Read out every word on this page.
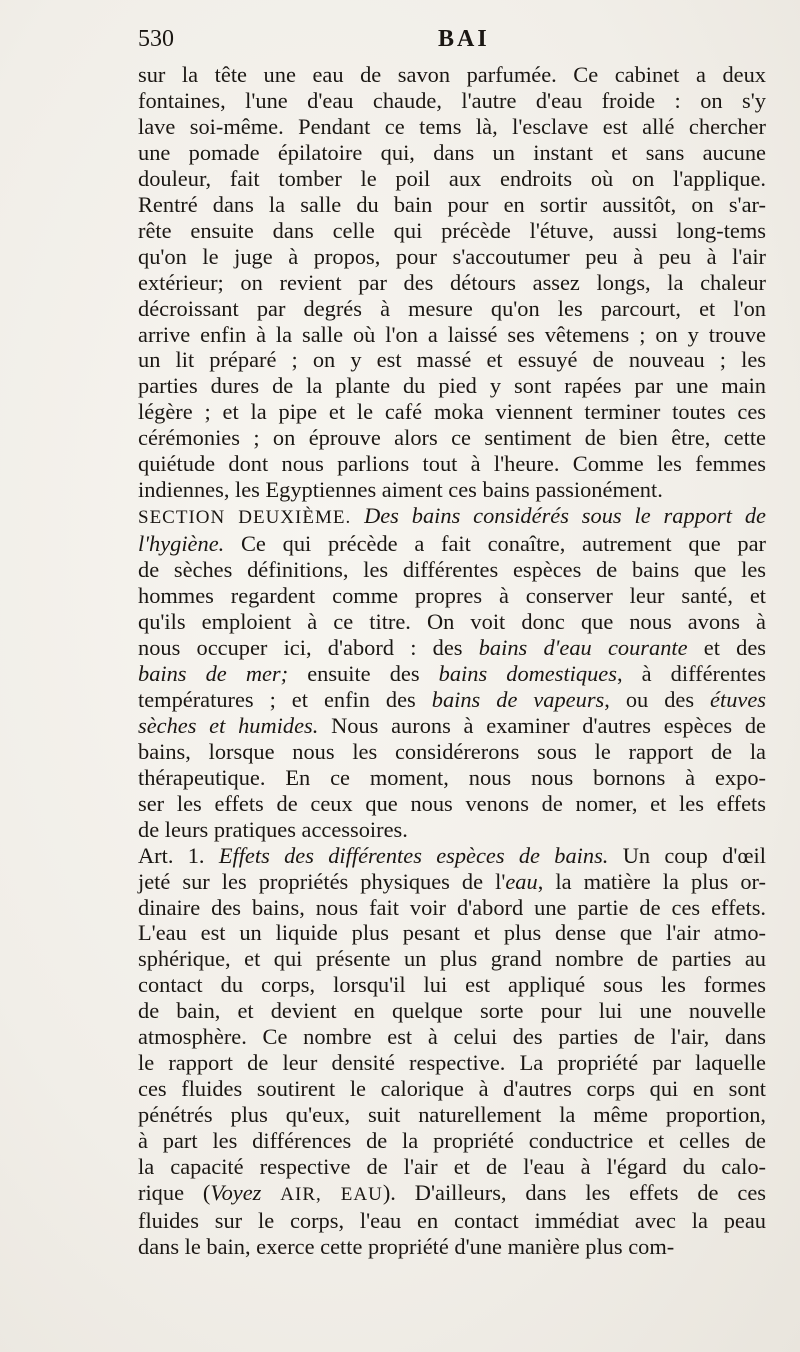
530	BAI
sur la tête une eau de savon parfumée. Ce cabinet a deux
fontaines, l'une d'eau chaude, l'autre d'eau froide : on s'y
lave soi-même. Pendant ce tems là, l'esclave est allé chercher
une pomade épilatoire qui, dans un instant et sans aucune
douleur, fait tomber le poil aux endroits où on l'applique.
Rentré dans la salle du bain pour en sortir aussitôt, on s'ar-
rête ensuite dans celle qui précède l'étuve, aussi long-tems
qu'on le juge à propos, pour s'accoutumer peu à peu à l'air
extérieur; on revient par des détours assez longs, la chaleur
décroissant par degrés à mesure qu'on les parcourt, et l'on
arrive enfin à la salle où l'on a laissé ses vêtemens ; on y trouve
un lit préparé ; on y est massé et essuyé de nouveau ; les
parties dures de la plante du pied y sont rapées par une main
légère ; et la pipe et le café moka viennent terminer toutes ces
cérémonies ; on éprouve alors ce sentiment de bien être, cette
quiétude dont nous parlions tout à l'heure. Comme les femmes
indiennes, les Egyptiennes aiment ces bains passionément.
SECTION DEUXIÈME. Des bains considérés sous le rapport de
l'hygiène. Ce qui précède a fait conaître, autrement que par
de sèches définitions, les différentes espèces de bains que les
hommes regardent comme propres à conserver leur santé, et
qu'ils emploient à ce titre. On voit donc que nous avons à
nous occuper ici, d'abord : des bains d'eau courante et des
bains de mer; ensuite des bains domestiques, à différentes
températures ; et enfin des bains de vapeurs, ou des étuves
sèches et humides. Nous aurons à examiner d'autres espèces de
bains, lorsque nous les considérerons sous le rapport de la
thérapeutique. En ce moment, nous nous bornons à expo-
ser les effets de ceux que nous venons de nomer, et les effets
de leurs pratiques accessoires.
Art. 1. Effets des différentes espèces de bains. Un coup d'œil
jeté sur les propriétés physiques de l'eau, la matière la plus or-
dinaire des bains, nous fait voir d'abord une partie de ces effets.
L'eau est un liquide plus pesant et plus dense que l'air atmo-
sphérique, et qui présente un plus grand nombre de parties au
contact du corps, lorsqu'il lui est appliqué sous les formes
de bain, et devient en quelque sorte pour lui une nouvelle
atmosphère. Ce nombre est à celui des parties de l'air, dans
le rapport de leur densité respective. La propriété par laquelle
ces fluides soutirent le calorique à d'autres corps qui en sont
pénétrés plus qu'eux, suit naturellement la même proportion,
à part les différences de la propriété conductrice et celles de
la capacité respective de l'air et de l'eau à l'égard du calo-
rique (Voyez AIR, EAU). D'ailleurs, dans les effets de ces
fluides sur le corps, l'eau en contact immédiat avec la peau
dans le bain, exerce cette propriété d'une manière plus com-
